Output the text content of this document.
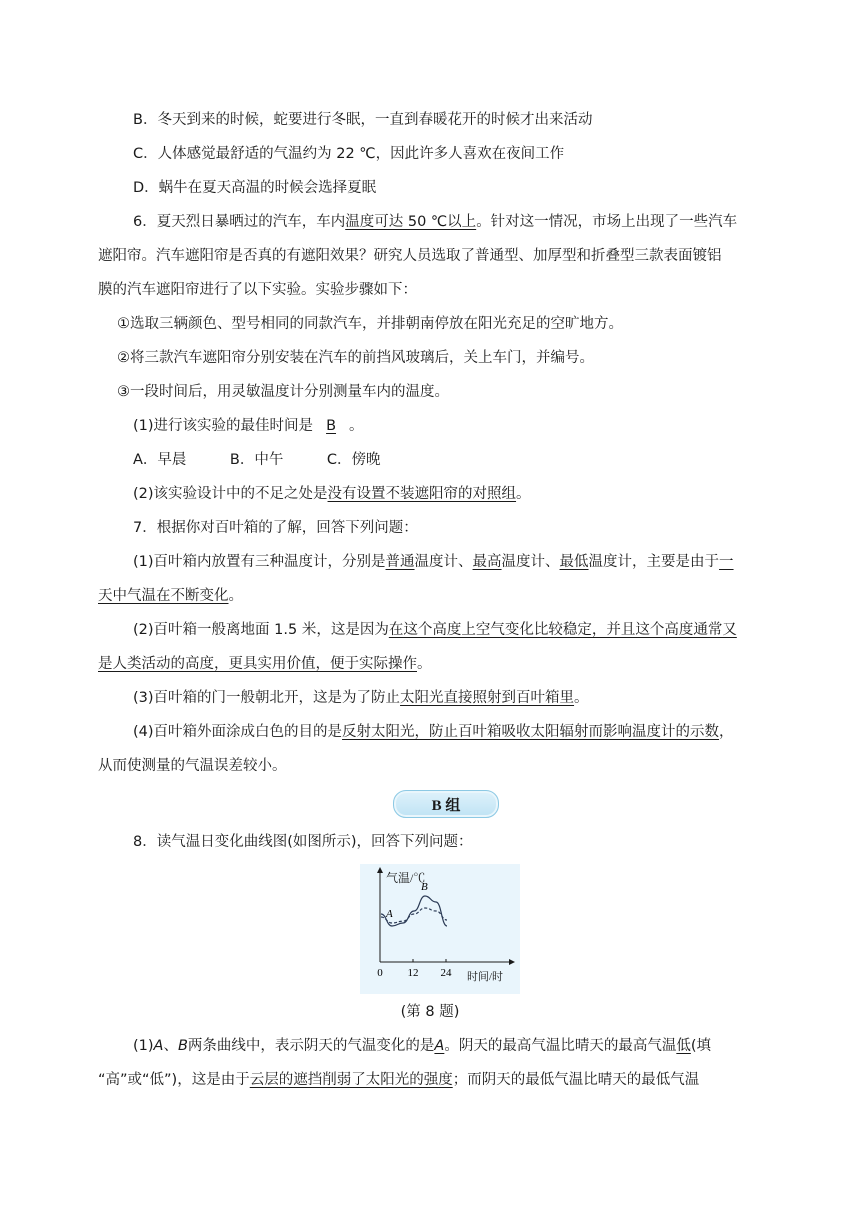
B．冬天到来的时候，蛇要进行冬眠，一直到春暖花开的时候才出来活动
C．人体感觉最舒适的气温约为 22 ℃，因此许多人喜欢在夜间工作
D．蜗牛在夏天高温的时候会选择夏眠
6．夏天烈日暴晒过的汽车，车内温度可达 50 ℃以上。针对这一情况，市场上出现了一些汽车
遮阳帘。汽车遮阳帘是否真的有遮阳效果？研究人员选取了普通型、加厚型和折叠型三款表面镀铝
膜的汽车遮阳帘进行了以下实验。实验步骤如下：
①选取三辆颜色、型号相同的同款汽车，并排朝南停放在阳光充足的空旷地方。
②将三款汽车遮阳帘分别安装在汽车的前挡风玻璃后，关上车门，并编号。
③一段时间后，用灵敏温度计分别测量车内的温度。
(1)进行该实验的最佳时间是 B 。
A．早晨　　　B．中午　　　C．傍晚
(2)该实验设计中的不足之处是没有设置不装遮阳帘的对照组。
7．根据你对百叶箱的了解，回答下列问题：
(1)百叶箱内放置有三种温度计，分别是普通温度计、最高温度计、最低温度计，主要是由于一
天中气温在不断变化。
(2)百叶箱一般离地面 1.5 米，这是因为在这个高度上空气变化比较稳定，并且这个高度通常又
是人类活动的高度，更具实用价值，便于实际操作。
(3)百叶箱的门一般朝北开，这是为了防止太阳光直接照射到百叶箱里。
(4)百叶箱外面涂成白色的目的是反射太阳光，防止百叶箱吸收太阳辐射而影响温度计的示数，
从而使测量的气温误差较小。
B 组
8．读气温日变化曲线图(如图所示)，回答下列问题：
气温/℃
时间/时
0 12 24
A
B
(第 8 题)
(1)A、B两条曲线中，表示阴天的气温变化的是A。阴天的最高气温比晴天的最高气温低(填
“高”或“低”)，这是由于云层的遮挡削弱了太阳光的强度；而阴天的最低气温比晴天的最低气温
